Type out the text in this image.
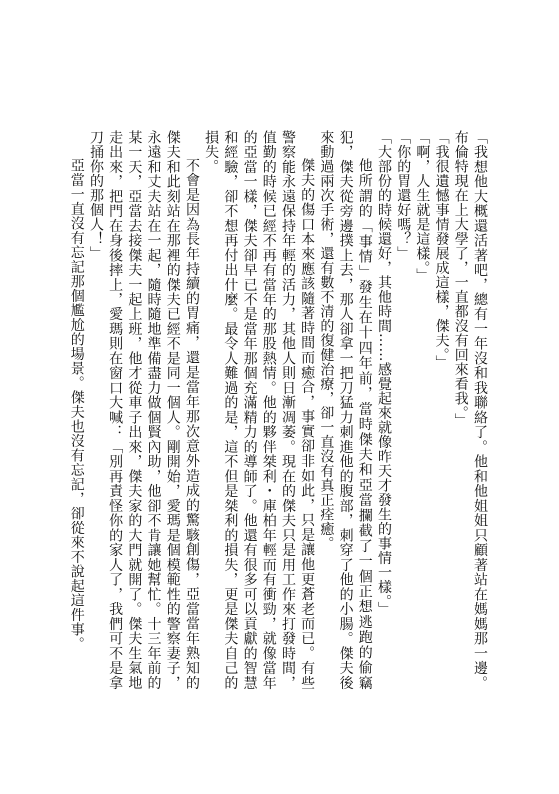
「我想他大概還活著吧，總有一年沒和我聯絡了。他和他姐姐只顧著站在媽媽那一邊。布倫特現在上大學了，一直都沒有回來看我。」

「我很遺憾事情發展成這樣，傑夫。」

「啊，人生就是這樣。」

「你的胃還好嗎？」

「大部份的時候還好，其他時間……感覺起來就像昨天才發生的事情一樣。」

他所謂的「事情」發生在十四年前，當時傑夫和亞當攔截了一個正想逃跑的偷竊犯，傑夫從旁邊撲上去，那人卻拿一把刀猛力刺進他的腹部，刺穿了他的小腸。傑夫後來動過兩次手術，還有數不清的復健治療，卻一直沒有真正痊癒。

傑夫的傷口本來應該隨著時間而癒合，事實卻非如此，只是讓他更蒼老而已。有些警察能永遠保持年輕的活力，其他人則日漸凋萎。現在的傑夫只是用工作來打發時間，值勤的時候已經不再有當年的那股熱情。他的夥伴桀利・庫柏年輕而有衝勁，就像當年的亞當一樣，傑夫卻早已不是當年那個充滿精力的導師了。他還有很多可以貢獻的智慧和經驗，卻不想再付出什麼。最令人難過的是，這不但是桀利的損失，更是傑夫自己的損失。

不會是因為長年持續的胃痛，還是當年那次意外造成的驚駭創傷，亞當當年熟知的傑夫和此刻站在那裡的傑夫已經不是同一個人。剛開始，愛瑪是個模範性的警察妻子，永遠和丈夫站在一起，隨時隨地準備盡力做個賢內助，他卻不肯讓她幫忙。十三年前的某一天，亞當去接傑夫一起上班，他才從車子出來，傑夫家的大門就開了。傑夫生氣地走出來，把門在身後摔上，愛瑪則在窗口大喊：「別再責怪你的家人了，我們可不是拿刀捅你的那個人！」

亞當一直沒有忘記那個尷尬的場景。傑夫也沒有忘記，卻從來不說起這件事。
